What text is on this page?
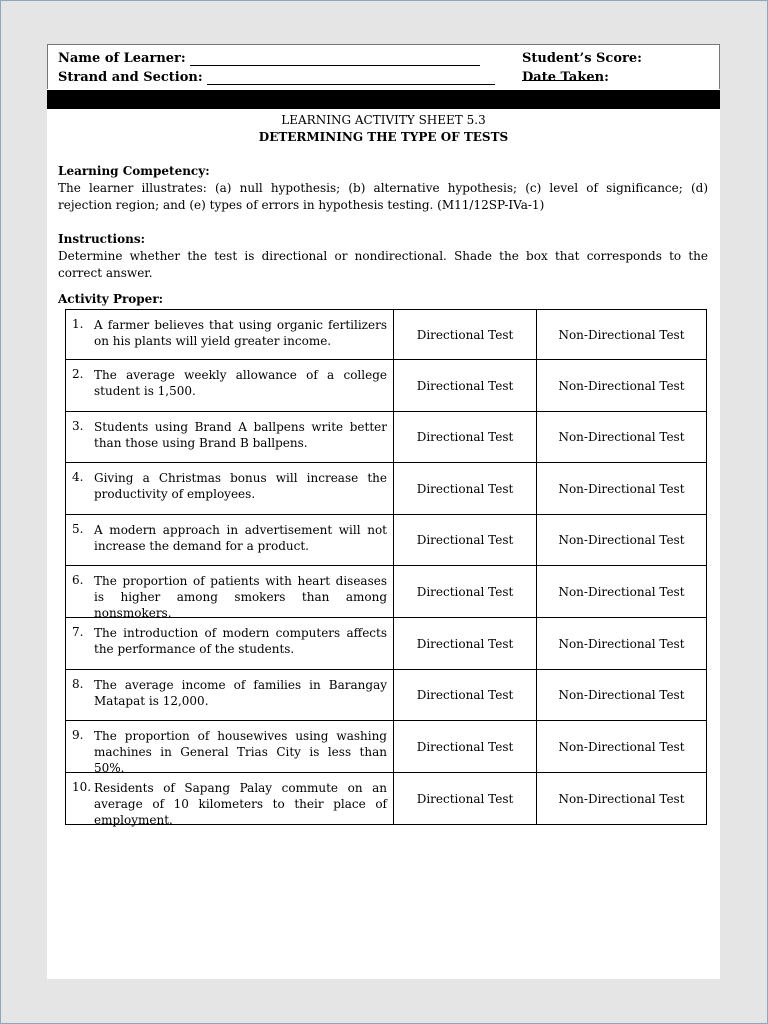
Name of Learner:
Strand and Section:
Student’s Score:
Date Taken:
LEARNING ACTIVITY SHEET 5.3
DETERMINING THE TYPE OF TESTS
Learning Competency:
The learner illustrates: (a) null hypothesis; (b) alternative hypothesis; (c) level of significance; (d) rejection region; and (e) types of errors in hypothesis testing. (M11/12SP-IVa-1)
Instructions:
Determine whether the test is directional or nondirectional. Shade the box that corresponds to the correct answer.
Activity Proper:
1. A farmer believes that using organic fertilizers on his plants will yield greater income.	Directional Test	Non-Directional Test

2. The average weekly allowance of a college student is 1,500.	Directional Test	Non-Directional Test

3. Students using Brand A ballpens write better than those using Brand B ballpens.	Directional Test	Non-Directional Test

4. Giving a Christmas bonus will increase the productivity of employees.	Directional Test	Non-Directional Test

5. A modern approach in advertisement will not increase the demand for a product.	Directional Test	Non-Directional Test

6. The proportion of patients with heart diseases is higher among smokers than among nonsmokers.	Directional Test	Non-Directional Test

7. The introduction of modern computers affects the performance of the students.	Directional Test	Non-Directional Test

8. The average income of families in Barangay Matapat is 12,000.	Directional Test	Non-Directional Test

9. The proportion of housewives using washing machines in General Trias City is less than 50%.	Directional Test	Non-Directional Test

10. Residents of Sapang Palay commute on an average of 10 kilometers to their place of employment.	Directional Test	Non-Directional Test
